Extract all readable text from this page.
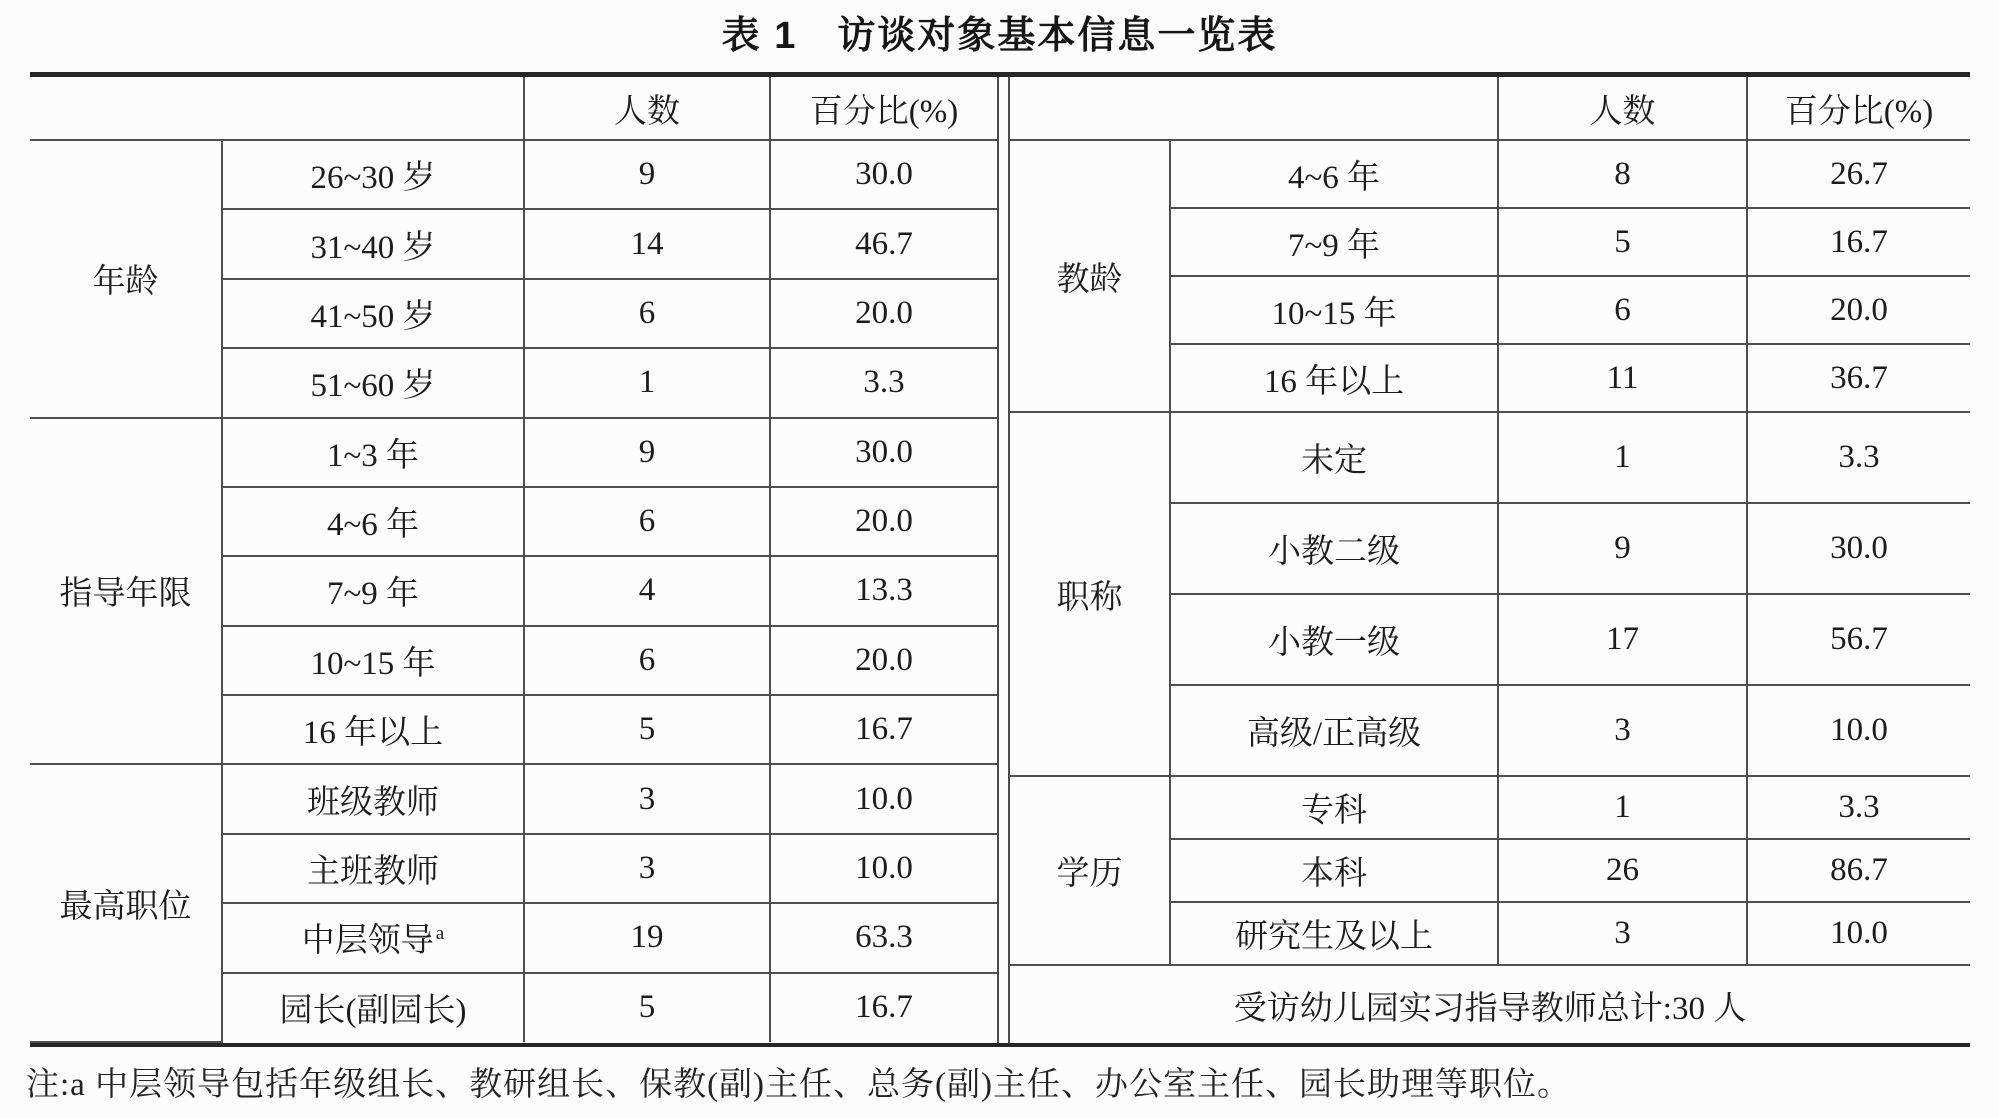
表 1　访谈对象基本信息一览表
		人数	百分比(%)
年龄	26~30 岁	9	30.0
	31~40 岁	14	46.7
	41~50 岁	6	20.0
	51~60 岁	1	3.3
指导年限	1~3 年	9	30.0
	4~6 年	6	20.0
	7~9 年	4	13.3
	10~15 年	6	20.0
	16 年以上	5	16.7
最高职位	班级教师	3	10.0
	主班教师	3	10.0
	中层领导 $^a$	19	63.3
	园长(副园长)	5	16.7
		人数	百分比(%)
教龄	4~6 年	8	26.7
	7~9 年	5	16.7
	10~15 年	6	20.0
	16 年以上	11	36.7
职称	未定	1	3.3
	小教二级	9	30.0
	小教一级	17	56.7
	高级/正高级	3	10.0
学历	专科	1	3.3
	本科	26	86.7
	研究生及以上	3	10.0
受访幼儿园实习指导教师总计:30 人			
注:a 中层领导包括年级组长、教研组长、保教(副)主任、总务(副)主任、办公室主任、园长助理等职位。
